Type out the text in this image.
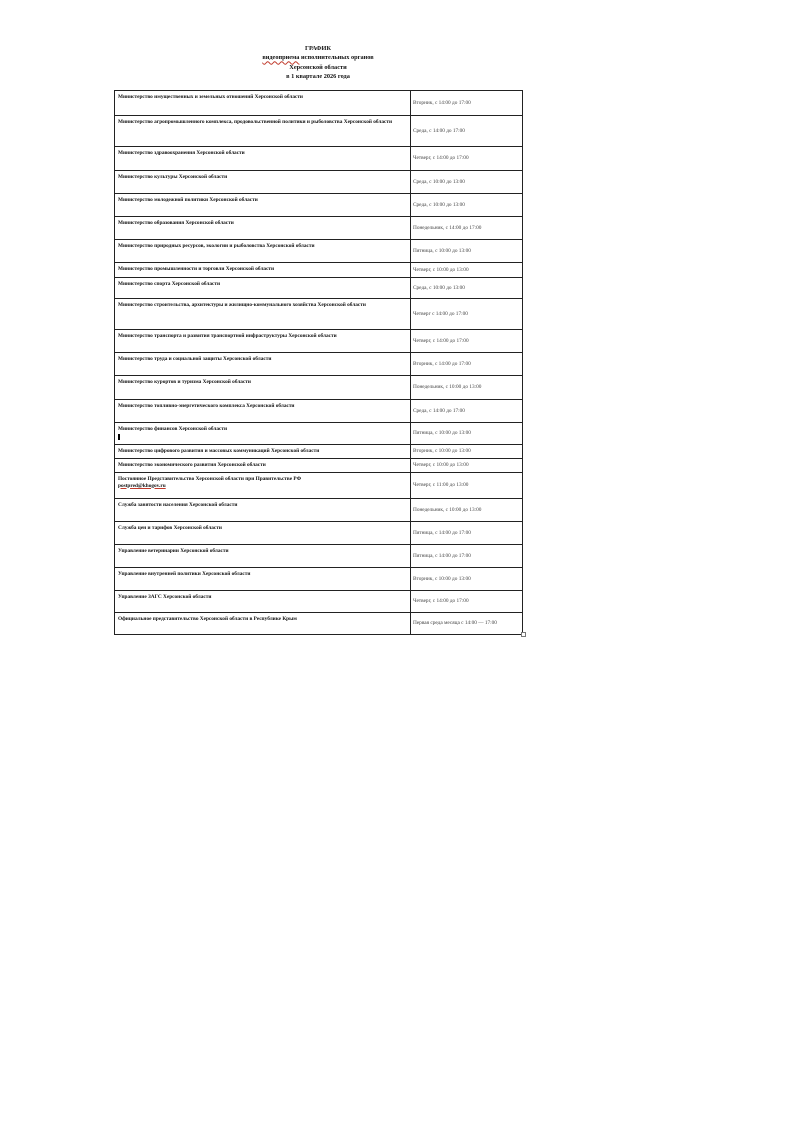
ГРАФИК
видеоприема исполнительных органов
Херсонской области
в 1 квартале 2026 года
Министерство имущественных и земельных отношений Херсонской области	Вторник, с 14:00 до 17:00
Министерство агропромышленного комплекса, продовольственной политики и рыболовства Херсонской области	Среда, с 14:00 до 17:00
Министерство здравоохранения Херсонской области	Четверг, с 14:00 до 17:00
Министерство культуры Херсонской области	Среда, с 10:00 до 13:00
Министерство молодежной политики Херсонской области	Среда, с 10:00 до 13:00
Министерство образования Херсонской области	Понедельник, с 14:00 до 17:00
Министерство природных ресурсов, экологии и рыболовства Херсонской области	Пятница, с 10:00 до 13:00
Министерство промышленности и торговли Херсонской области	Четверг, с 10:00 до 13:00
Министерство спорта Херсонской области	Среда, с 10:00 до 13:00
Министерство строительства, архитектуры и жилищно-коммунального хозяйства Херсонской области	Четверг с 14:00 до 17:00
Министерство транспорта и развития транспортной инфраструктуры Херсонской области	Четверг, с 14:00 до 17:00
Министерство труда и социальной защиты Херсонской области	Вторник, с 14:00 до 17:00
Министерство курортов и туризма Херсонской области	Понедельник, с 10:00 до 13:00
Министерство топливно-энергетического комплекса Херсонской области	Среда, с 14:00 до 17:00
Министерство финансов Херсонской области	Пятница, с 10:00 до 13:00
Министерство цифрового развития и массовых коммуникаций Херсонской области	Вторник, с 10:00 до 13:00
Министерство экономического развития Херсонской области	Четверг, с 10:00 до 13:00
Постоянное Представительство Херсонской области при Правительстве РФ
postpred@khogov.ru	Четверг, с 11:00 до 13:00
Служба занятости населения Херсонской области	Понедельник, с 10:00 до 13:00
Служба цен и тарифов Херсонской области	Пятница, с 14:00 до 17:00
Управление ветеринарии Херсонской области	Пятница, с 14:00 до 17:00
Управление внутренней политики Херсонской области	Вторник, с 10:00 до 13:00
Управление ЗАГС Херсонской области	Четверг, с 14:00 до 17:00
Официальное представительство Херсонской области в Республике Крым	Первая среда месяца с 14:00 — 17:00
